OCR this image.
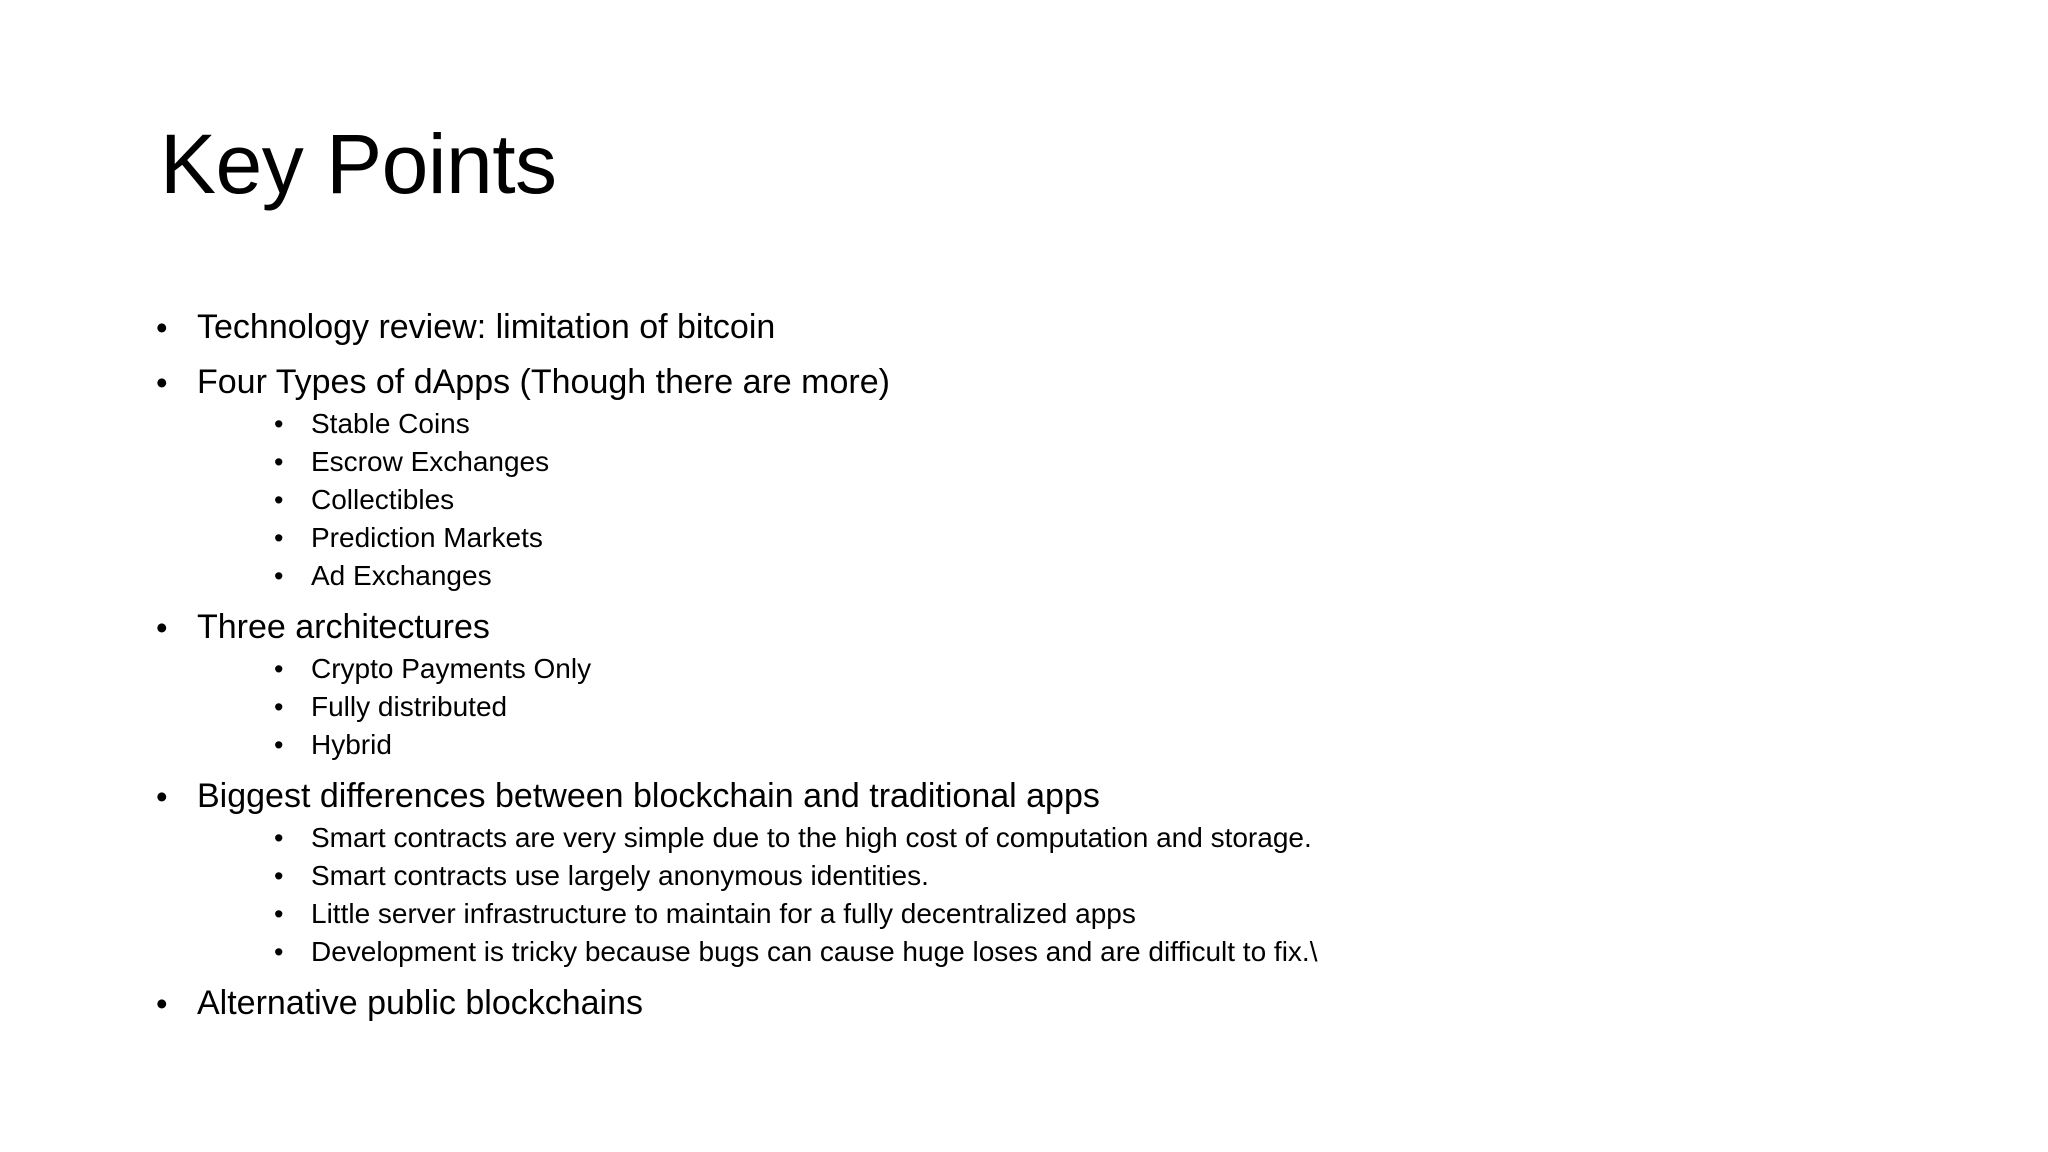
Key Points
• Technology review: limitation of bitcoin
• Four Types of dApps (Though there are more)
• Stable Coins
• Escrow Exchanges
• Collectibles
• Prediction Markets
• Ad Exchanges
• Three architectures
• Crypto Payments Only
• Fully distributed
• Hybrid
• Biggest differences between blockchain and traditional apps
• Smart contracts are very simple due to the high cost of computation and storage.
• Smart contracts use largely anonymous identities.
• Little server infrastructure to maintain for a fully decentralized apps
• Development is tricky because bugs can cause huge loses and are difficult to fix.\
• Alternative public blockchains
